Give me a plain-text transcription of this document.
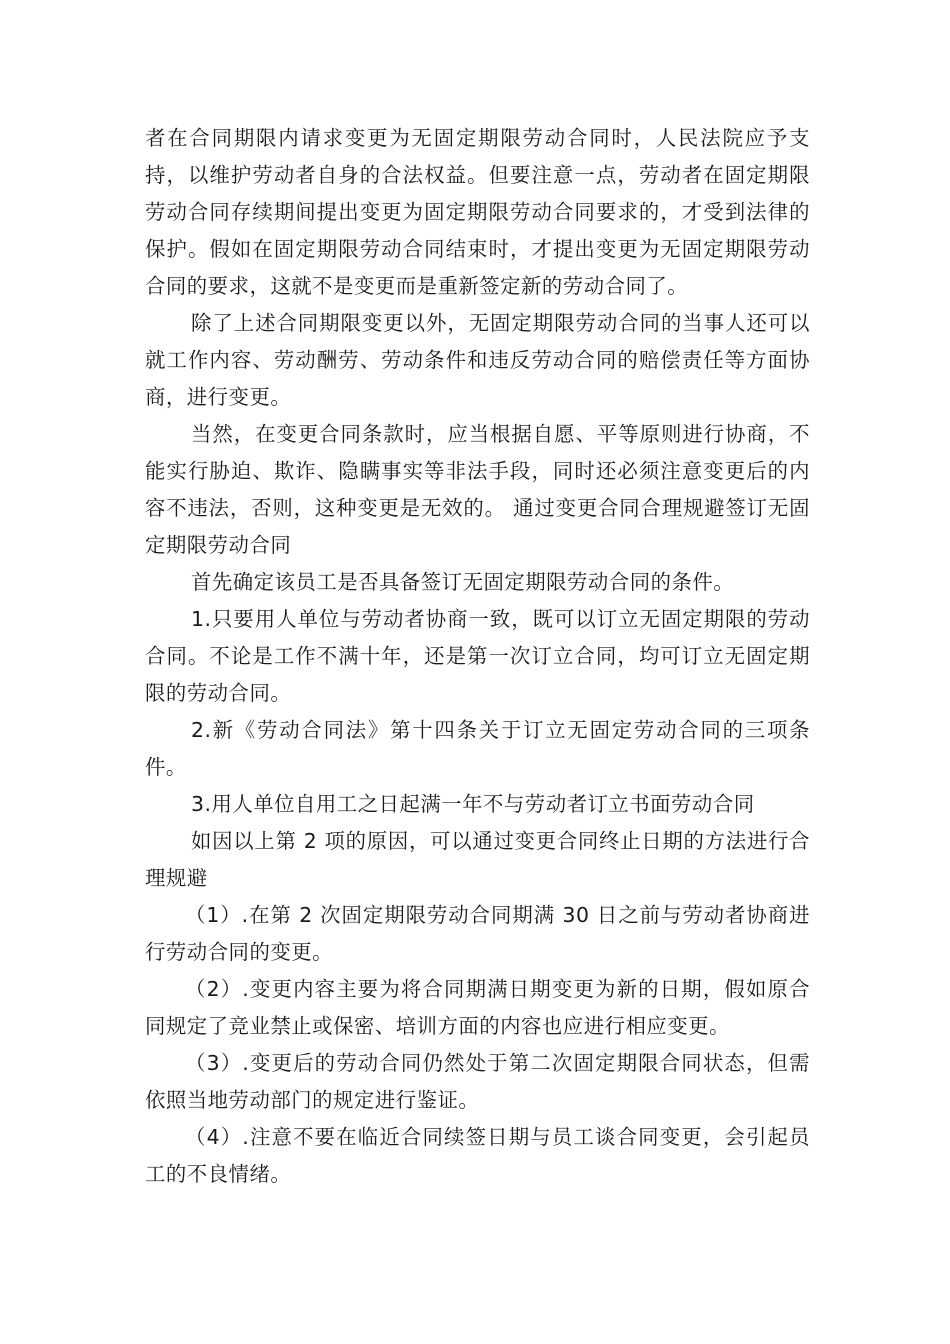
者在合同期限内请求变更为无固定期限劳动合同时，人民法院应予支持，以维护劳动者自身的合法权益。但要注意一点，劳动者在固定期限劳动合同存续期间提出变更为固定期限劳动合同要求的，才受到法律的保护。假如在固定期限劳动合同结束时，才提出变更为无固定期限劳动合同的要求，这就不是变更而是重新签定新的劳动合同了。

除了上述合同期限变更以外，无固定期限劳动合同的当事人还可以就工作内容、劳动酬劳、劳动条件和违反劳动合同的赔偿责任等方面协商，进行变更。

当然，在变更合同条款时，应当根据自愿、平等原则进行协商，不能实行胁迫、欺诈、隐瞒事实等非法手段，同时还必须注意变更后的内容不违法，否则，这种变更是无效的。 通过变更合同合理规避签订无固定期限劳动合同

首先确定该员工是否具备签订无固定期限劳动合同的条件。

1.只要用人单位与劳动者协商一致，既可以订立无固定期限的劳动合同。不论是工作不满十年，还是第一次订立合同，均可订立无固定期限的劳动合同。

2.新《劳动合同法》第十四条关于订立无固定劳动合同的三项条件。

3.用人单位自用工之日起满一年不与劳动者订立书面劳动合同

如因以上第 2 项的原因，可以通过变更合同终止日期的方法进行合理规避

（1）.在第 2 次固定期限劳动合同期满 30 日之前与劳动者协商进行劳动合同的变更。

（2）.变更内容主要为将合同期满日期变更为新的日期，假如原合同规定了竞业禁止或保密、培训方面的内容也应进行相应变更。

（3）.变更后的劳动合同仍然处于第二次固定期限合同状态，但需依照当地劳动部门的规定进行鉴证。

（4）.注意不要在临近合同续签日期与员工谈合同变更，会引起员工的不良情绪。
